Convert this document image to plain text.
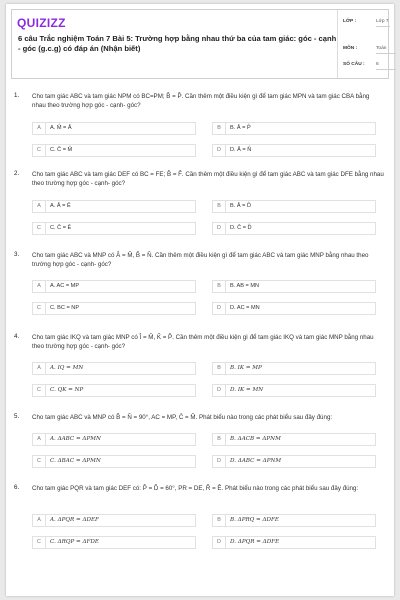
QUIZIZZ
6 câu Trắc nghiệm Toán 7 Bài 5: Trường hợp bằng nhau thứ ba của tam giác: góc - cạnh - góc (g.c.g) có đáp án (Nhận biết)
LỚP :	Lớp 7
MÔN :	Toán
SỐ CÂU : 6
1. Cho tam giác ABC và tam giác NPM có BC=PM; B̂ = P̂. Cần thêm một điều kiện gì để tam giác MPN và tam giác CBA bằng nhau theo trường hợp góc - cạnh- góc?
A	A. M̂ = Â	B	B. Â = P̂
C	C. Ĉ = M̂	D	D. Â = N̂
2. Cho tam giác ABC và tam giác DEF có BC = FE; B̂ = F̂. Cần thêm một điều kiện gì để tam giác ABC và tam giác DFE bằng nhau theo trường hợp góc - cạnh- góc?
A	A. Â = Ê	B	B. Â = D̂
C	C. Ĉ = Ê	D	D. Ĉ = D̂
3. Cho tam giác ABC và MNP có Â = M̂, B̂ = N̂. Cần thêm một điều kiện gì để tam giác ABC và tam giác MNP bằng nhau theo trường hợp góc - cạnh- góc?
A	A. AC = MP	B	B. AB = MN
C	C. BC = NP	D	D. AC = MN
4. Cho tam giác IKQ và tam giác MNP có Î = M̂, K̂ = P̂. Cần thêm một điều kiện gì để tam giác IKQ và tam giác MNP bằng nhau theo trường hợp góc - cạnh- góc?
A	A. IQ = MN	B	B. IK = MP
C	C. QK = NP	D	D. IK = MN
5. Cho tam giác ABC và MNP có B̂ = N̂ = 90°, AC = MP, Ĉ = M̂. Phát biểu nào trong các phát biểu sau đây đúng:
A	A. ΔABC = ΔPMN	B	B. ΔACB = ΔPNM
C	C. ΔBAC = ΔPMN	D	D. ΔABC = ΔPNM
6. Cho tam giác PQR và tam giác DEF có: P̂ = D̂ = 60°, PR = DE, R̂ = Ê. Phát biểu nào trong các phát biểu sau đây đúng:
A	A. ΔPQR = ΔDEF	B	B. ΔPRQ = ΔDFE
C	C. ΔRQP = ΔFDE	D	D. ΔPQR = ΔDFE
